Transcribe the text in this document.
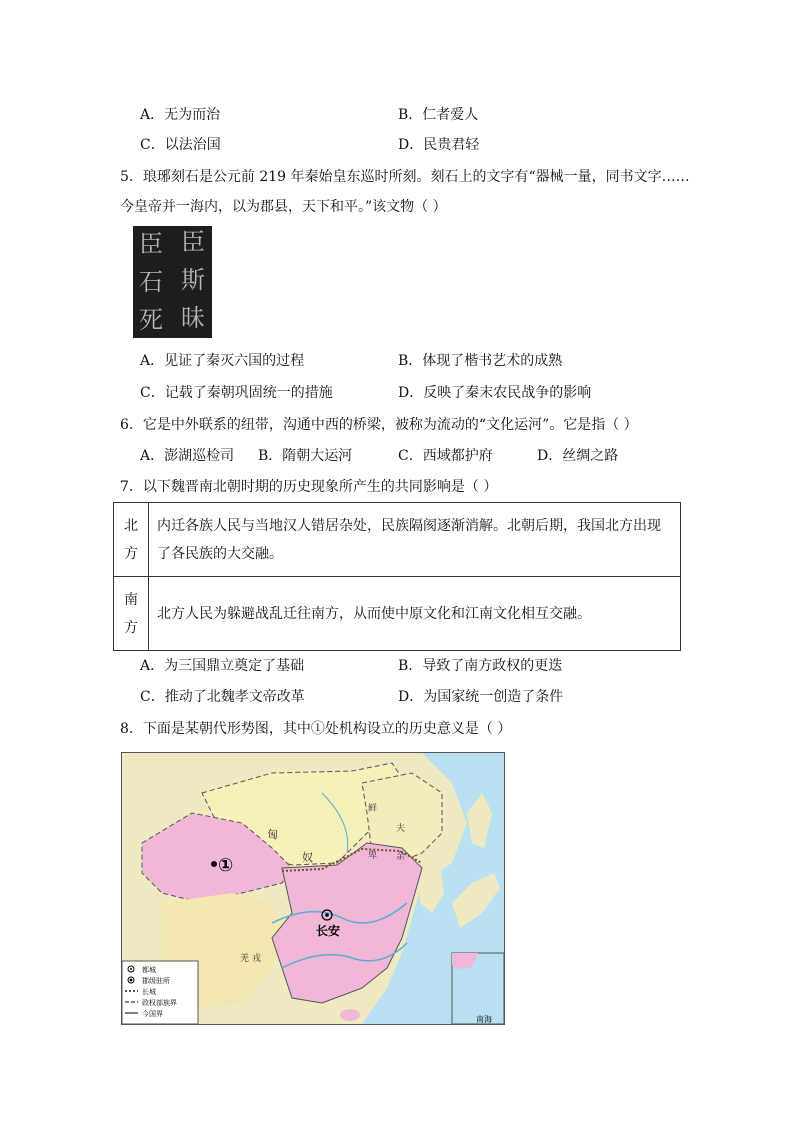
A．无为而治	B．仁者爱人
C．以法治国	D．民贵君轻
5．琅琊刻石是公元前 219 年秦始皇东巡时所刻。刻石上的文字有“器械一量，同书文字……
今皇帝并一海内，以为郡县，天下和平。”该文物（ ）
臣 臣
石 斯
死 昧
A．见证了秦灭六国的过程	B．体现了楷书艺术的成熟
C．记载了秦朝巩固统一的措施	D．反映了秦末农民战争的影响
6．它是中外联系的纽带，沟通中西的桥梁，被称为流动的“文化运河”。它是指（ ）
A．澎湖巡检司 B．隋朝大运河	C．西域都护府	D．丝绸之路
7．以下魏晋南北朝时期的历史现象所产生的共同影响是（ ）
北
方	内迁各族人民与当地汉人错居杂处，民族隔阂逐渐消解。北朝后期，我国北方出现了各民族的大交融。
南
方	北方人民为躲避战乱迁往南方，从而使中原文化和江南文化相互交融。
A．为三国鼎立奠定了基础	B．导致了南方政权的更迭
C．推动了北魏孝文帝改革	D．为国家统一创造了条件
8．下面是某朝代形势图，其中①处机构设立的历史意义是（ ）
①
匈
奴
鲜
卑
夫
余
羌 戎
长安
都城
郡级驻所
长城
政权部族界
今国界
南海
